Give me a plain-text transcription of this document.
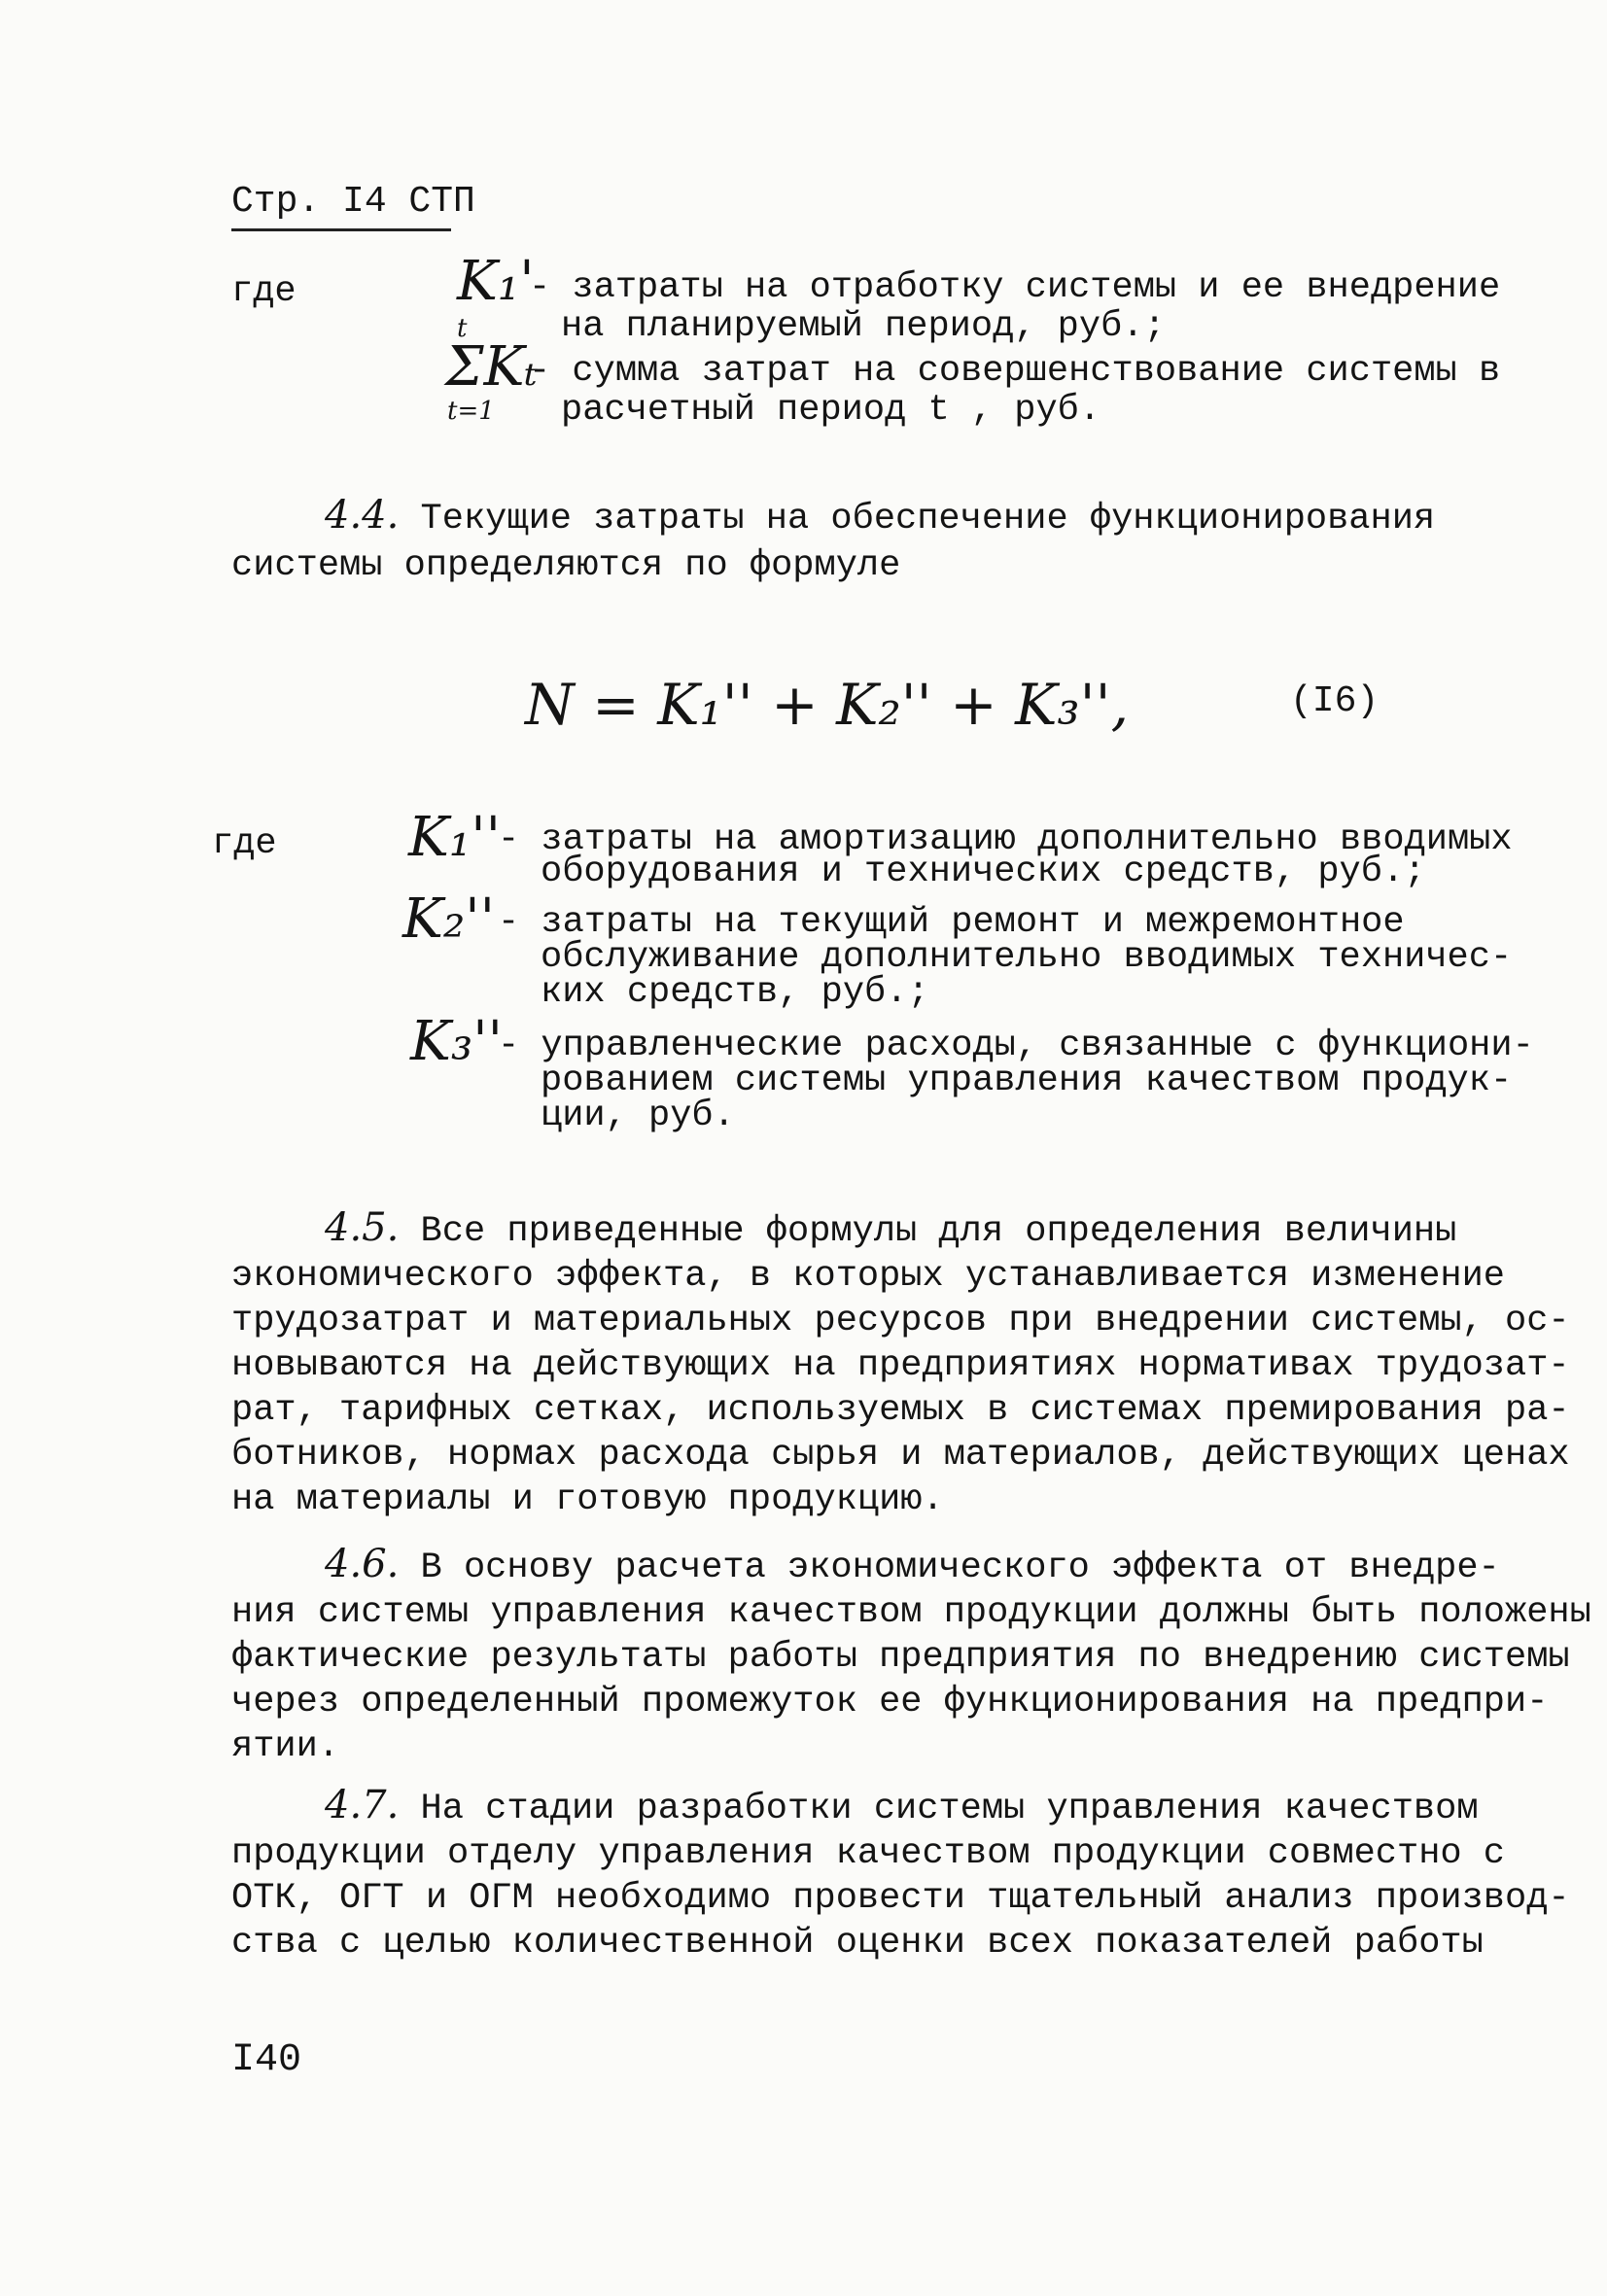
Стр. I4 СТП
где	K₁'
t
- затраты на отработку системы и ее внедрение
на планируемый период, руб.;
ΣKₜ
t=1
- сумма затрат на совершенствование системы в
расчетный период t , руб.
4.4. Текущие затраты на обеспечение функционирования
системы определяются по формуле
N = K₁'' + K₂'' + K₃'',	(I6)
где K₁''
- затраты на амортизацию дополнительно вводимых
оборудования и технических средств, руб.;
K₂'' - затраты на текущий ремонт и межремонтное
обслуживание дополнительно вводимых техничес-
ких средств, руб.;
K₃''
- управленческие расходы, связанные с функциони-
рованием системы управления качеством продук-
ции, руб.
4.5. Все приведенные формулы для определения величины
экономического эффекта, в которых устанавливается изменение
трудозатрат и материальных ресурсов при внедрении системы, ос-
новываются на действующих на предприятиях нормативах трудозат-
рат, тарифных сетках, используемых в системах премирования ра-
ботников, нормах расхода сырья и материалов, действующих ценах
на материалы и готовую продукцию.
4.6. В основу расчета экономического эффекта от внедре-
ния системы управления качеством продукции должны быть положены
фактические результаты работы предприятия по внедрению системы
через определенный промежуток ее функционирования на предпри-
ятии.
4.7. На стадии разработки системы управления качеством
продукции отделу управления качеством продукции совместно с
ОТК, ОГТ и ОГМ необходимо провести тщательный анализ производ-
ства с целью количественной оценки всех показателей работы
I40
